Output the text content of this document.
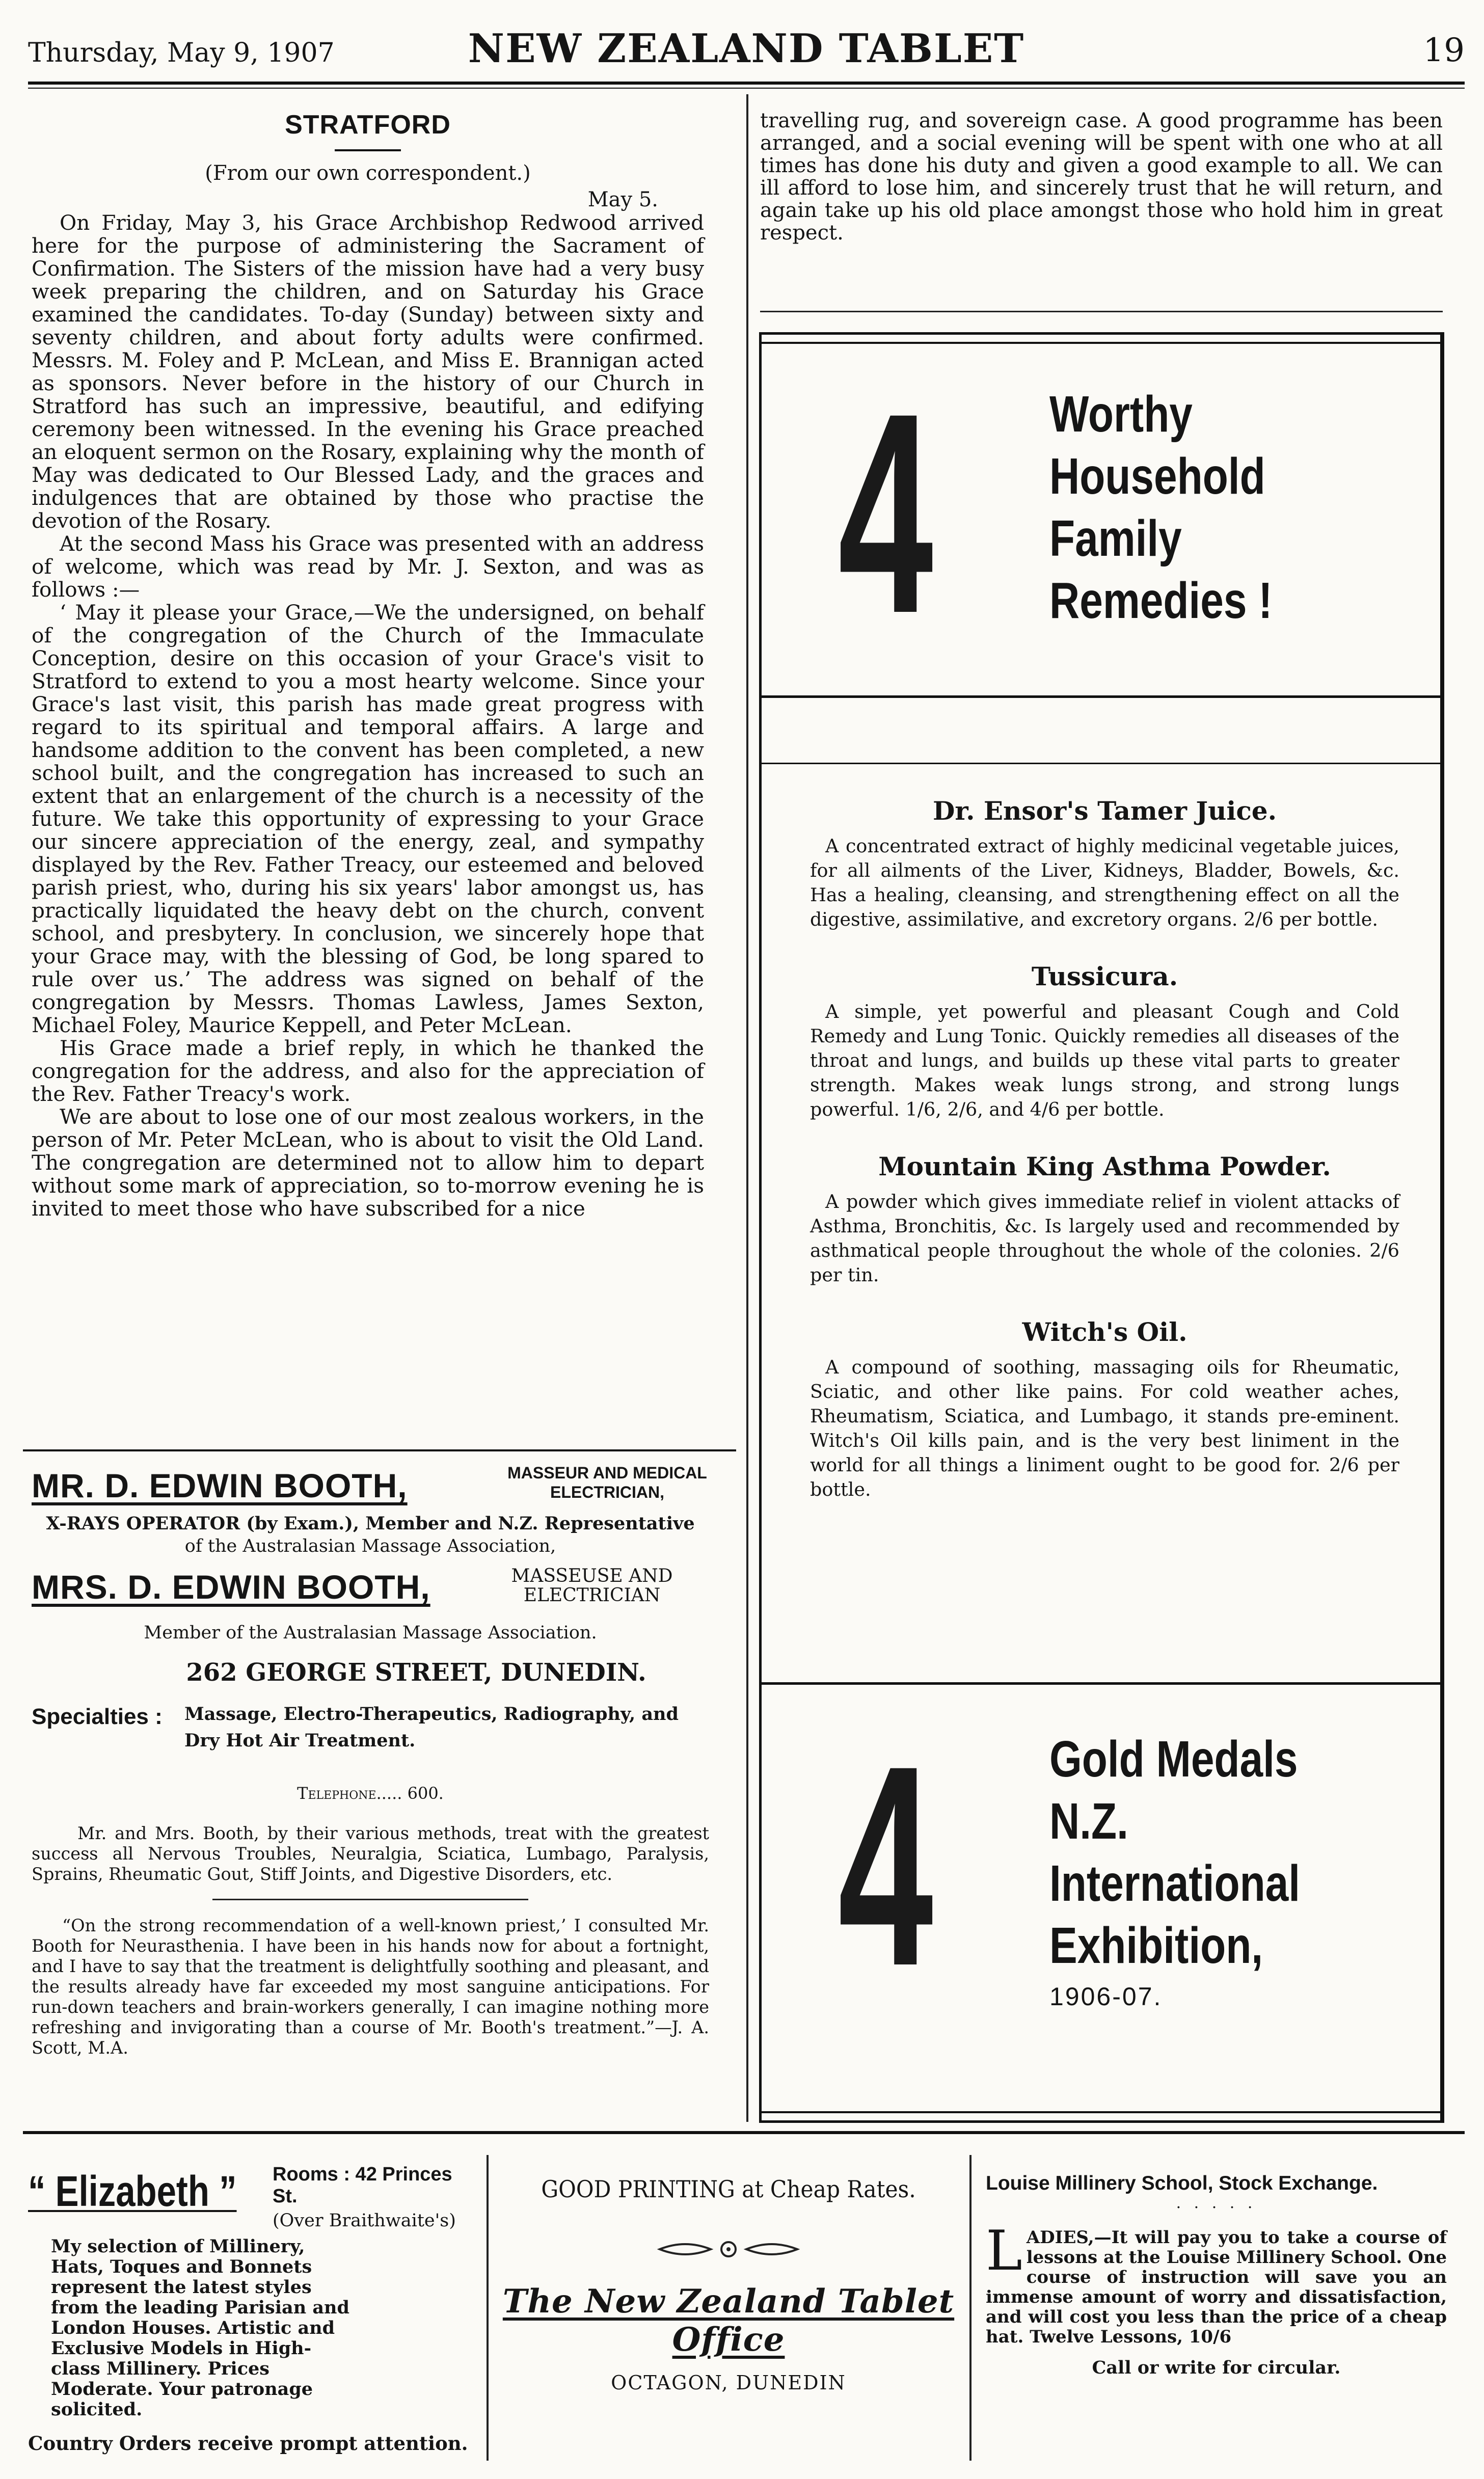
Thursday, May 9, 1907	NEW ZEALAND TABLET	19
STRATFORD
(From our own correspondent.)
May 5.

On Friday, May 3, his Grace Archbishop Redwood arrived here for the purpose of administering the Sacrament of Confirmation. The Sisters of the mission have had a very busy week preparing the children, and on Saturday his Grace examined the candidates. To-day (Sunday) between sixty and seventy children, and about forty adults were confirmed. Messrs. M. Foley and P. McLean, and Miss E. Brannigan acted as sponsors. Never before in the history of our Church in Stratford has such an impressive, beautiful, and edifying ceremony been witnessed. In the evening his Grace preached an eloquent sermon on the Rosary, explaining why the month of May was dedicated to Our Blessed Lady, and the graces and indulgences that are obtained by those who practise the devotion of the Rosary.

At the second Mass his Grace was presented with an address of welcome, which was read by Mr. J. Sexton, and was as follows :—

‘ May it please your Grace,—We the undersigned, on behalf of the congregation of the Church of the Immaculate Conception, desire on this occasion of your Grace's visit to Stratford to extend to you a most hearty welcome. Since your Grace's last visit, this parish has made great progress with regard to its spiritual and temporal affairs. A large and handsome addition to the convent has been completed, a new school built, and the congregation has increased to such an extent that an enlargement of the church is a necessity of the future. We take this opportunity of expressing to your Grace our sincere appreciation of the energy, zeal, and sympathy displayed by the Rev. Father Treacy, our esteemed and beloved parish priest, who, during his six years' labor amongst us, has practically liquidated the heavy debt on the church, convent school, and presbytery. In conclusion, we sincerely hope that your Grace may, with the blessing of God, be long spared to rule over us.’ The address was signed on behalf of the congregation by Messrs. Thomas Lawless, James Sexton, Michael Foley, Maurice Keppell, and Peter McLean.

His Grace made a brief reply, in which he thanked the congregation for the address, and also for the appreciation of the Rev. Father Treacy's work.

We are about to lose one of our most zealous workers, in the person of Mr. Peter McLean, who is about to visit the Old Land. The congregation are determined not to allow him to depart without some mark of appreciation, so to-morrow evening he is invited to meet those who have subscribed for a nice

travelling rug, and sovereign case. A good programme has been arranged, and a social evening will be spent with one who at all times has done his duty and given a good example to all. We can ill afford to lose him, and sincerely trust that he will return, and again take up his old place amongst those who hold him in great respect.

MR. D. EDWIN BOOTH,	MASSEUR AND MEDICAL
ELECTRICIAN,
X-RAYS OPERATOR (by Exam.), Member and N.Z. Representative
of the Australasian Massage Association,
MRS. D. EDWIN BOOTH,	MASSEUSE AND
ELECTRICIAN
Member of the Australasian Massage Association.
262 GEORGE STREET, DUNEDIN.
Specialties : Massage, Electro-Therapeutics, Radiography, and Dry Hot Air Treatment.
Telephone..... 600.
Mr. and Mrs. Booth, by their various methods, treat with the greatest success all Nervous Troubles, Neuralgia, Sciatica, Lumbago, Paralysis, Sprains, Rheumatic Gout, Stiff Joints, and Digestive Disorders, etc.
“On the strong recommendation of a well-known priest,’ I consulted Mr. Booth for Neurasthenia. I have been in his hands now for about a fortnight, and I have to say that the treatment is delightfully soothing and pleasant, and the results already have far exceeded my most sanguine anticipations. For run-down teachers and brain-workers generally, I can imagine nothing more refreshing and invigorating than a course of Mr. Booth's treatment.”—J. A. Scott, M.A.
4 Worthy
Household
Family
Remedies !
Dr. Ensor's Tamer Juice.
A concentrated extract of highly medicinal vegetable juices, for all ailments of the Liver, Kidneys, Bladder, Bowels, &c. Has a healing, cleansing, and strengthening effect on all the digestive, assimilative, and excretory organs. 2/6 per bottle.
Tussicura.
A simple, yet powerful and pleasant Cough and Cold Remedy and Lung Tonic. Quickly remedies all diseases of the throat and lungs, and builds up these vital parts to greater strength. Makes weak lungs strong, and strong lungs powerful. 1/6, 2/6, and 4/6 per bottle.
Mountain King Asthma Powder.
A powder which gives immediate relief in violent attacks of Asthma, Bronchitis, &c. Is largely used and recommended by asthmatical people throughout the whole of the colonies. 2/6 per tin.
Witch's Oil.
A compound of soothing, massaging oils for Rheumatic, Sciatic, and other like pains. For cold weather aches, Rheumatism, Sciatica, and Lumbago, it stands pre-eminent. Witch's Oil kills pain, and is the very best liniment in the world for all things a liniment ought to be good for. 2/6 per bottle.
4 Gold Medals
N.Z.
International
Exhibition,
1906-07.
“ Elizabeth ” Rooms : 42 Princes St.
(Over Braithwaite's)
My selection of Millinery, Hats, Toques and Bonnets represent the latest styles from the leading Parisian and London Houses. Artistic and Exclusive Models in High-class Millinery. Prices Moderate. Your patronage solicited.
Country Orders receive prompt attention.
GOOD PRINTING at Cheap Rates.
The New Zealand Tablet Office
OCTAGON, DUNEDIN
Louise Millinery School, Stock Exchange.
· · · · ·
L ADIES,—It will pay you to take a course of lessons at the Louise Millinery School. One course of instruction will save you an immense amount of worry and dissatisfaction, and will cost you less than the price of a cheap hat. Twelve Lessons, 10/6
Call or write for circular.
